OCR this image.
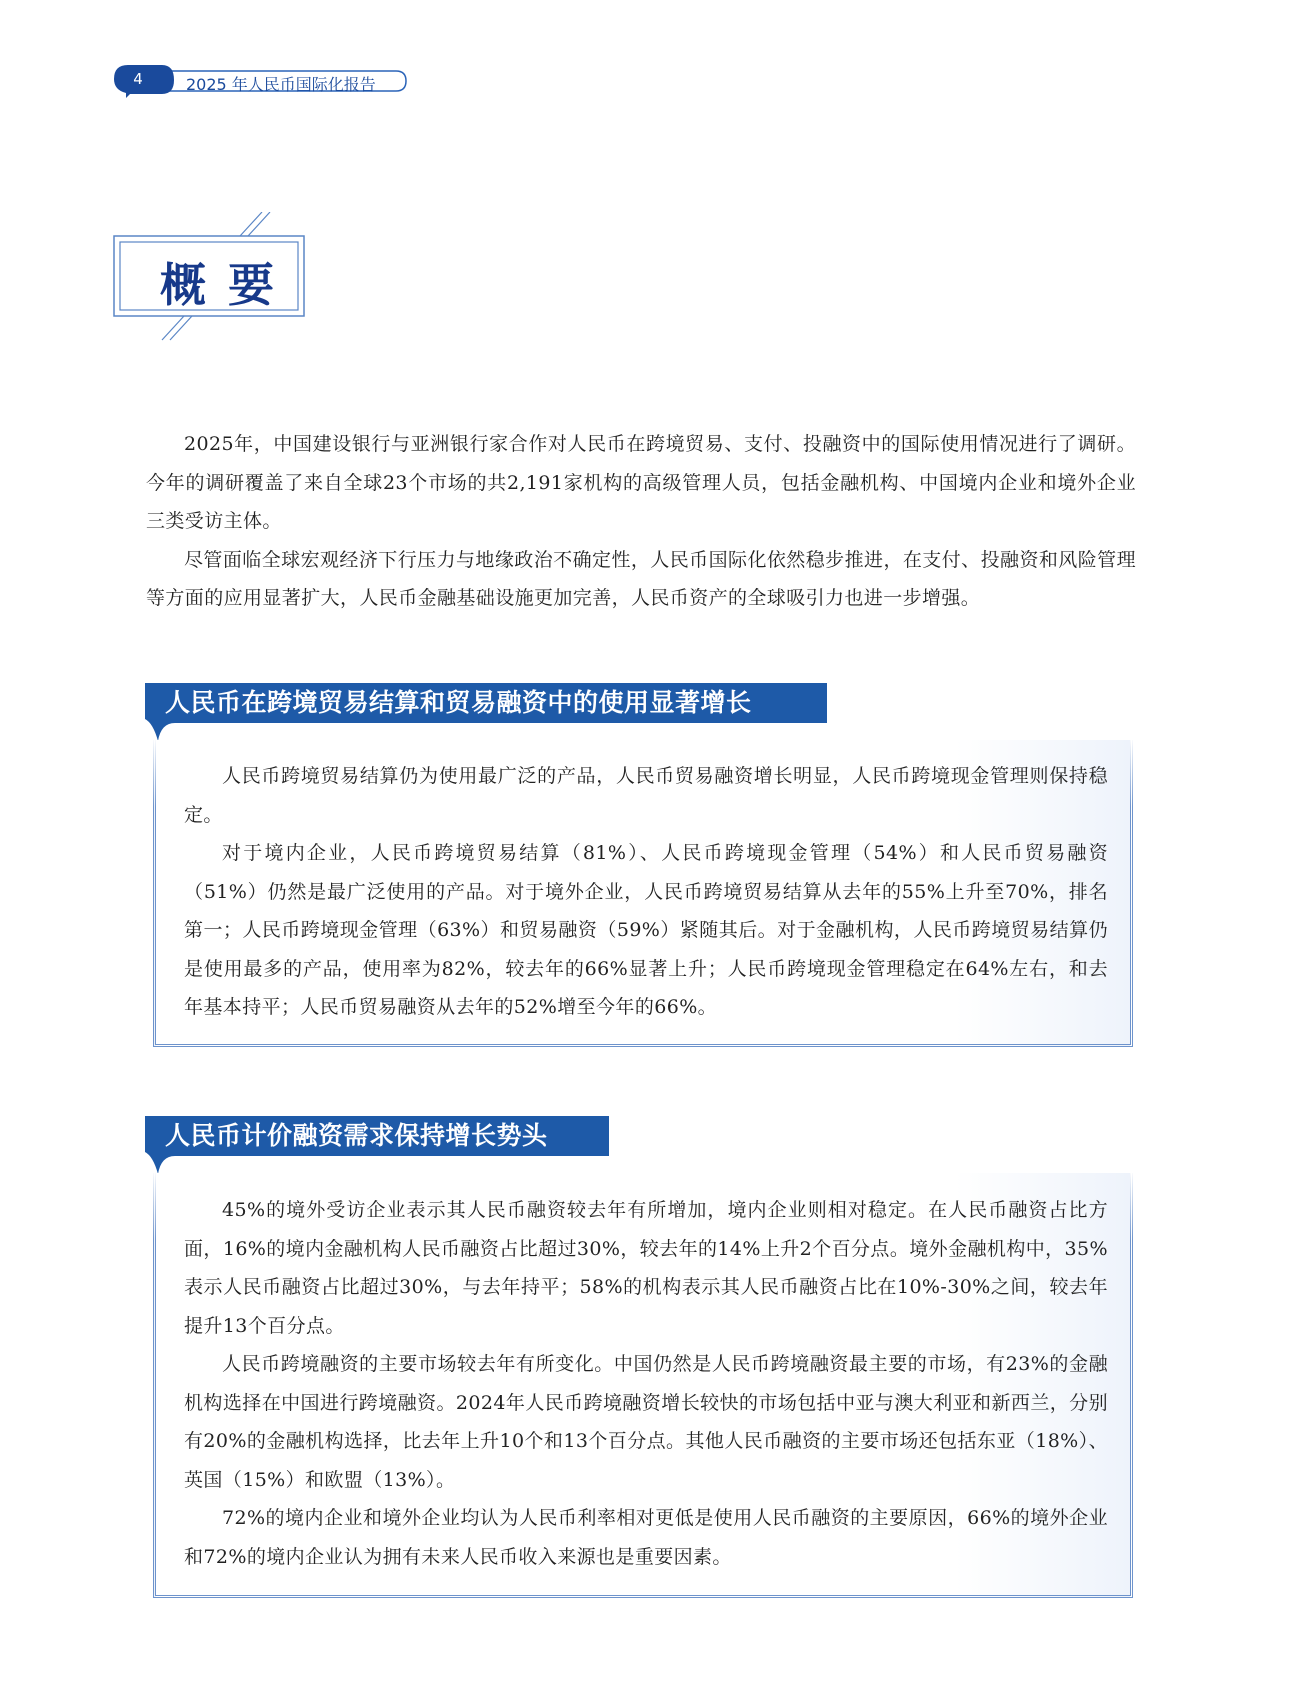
4	2025 年人民币国际化报告
概要

2025年，中国建设银行与亚洲银行家合作对人民币在跨境贸易、支付、投融资中的国际使用情况进行了调研。今年的调研覆盖了来自全球23个市场的共2,191家机构的高级管理人员，包括金融机构、中国境内企业和境外企业三类受访主体。

尽管面临全球宏观经济下行压力与地缘政治不确定性，人民币国际化依然稳步推进，在支付、投融资和风险管理等方面的应用显著扩大，人民币金融基础设施更加完善，人民币资产的全球吸引力也进一步增强。

人民币在跨境贸易结算和贸易融资中的使用显著增长

人民币跨境贸易结算仍为使用最广泛的产品，人民币贸易融资增长明显，人民币跨境现金管理则保持稳定。

对于境内企业，人民币跨境贸易结算（81%）、人民币跨境现金管理（54%）和人民币贸易融资（51%）仍然是最广泛使用的产品。对于境外企业，人民币跨境贸易结算从去年的55%上升至70%，排名第一；人民币跨境现金管理（63%）和贸易融资（59%）紧随其后。对于金融机构，人民币跨境贸易结算仍是使用最多的产品，使用率为82%，较去年的66%显著上升；人民币跨境现金管理稳定在64%左右，和去年基本持平；人民币贸易融资从去年的52%增至今年的66%。

人民币计价融资需求保持增长势头

45%的境外受访企业表示其人民币融资较去年有所增加，境内企业则相对稳定。在人民币融资占比方面，16%的境内金融机构人民币融资占比超过30%，较去年的14%上升2个百分点。境外金融机构中，35%表示人民币融资占比超过30%，与去年持平；58%的机构表示其人民币融资占比在10%-30%之间，较去年提升13个百分点。

人民币跨境融资的主要市场较去年有所变化。中国仍然是人民币跨境融资最主要的市场，有23%的金融机构选择在中国进行跨境融资。2024年人民币跨境融资增长较快的市场包括中亚与澳大利亚和新西兰，分别有20%的金融机构选择，比去年上升10个和13个百分点。其他人民币融资的主要市场还包括东亚（18%）、英国（15%）和欧盟（13%）。

72%的境内企业和境外企业均认为人民币利率相对更低是使用人民币融资的主要原因，66%的境外企业和72%的境内企业认为拥有未来人民币收入来源也是重要因素。
